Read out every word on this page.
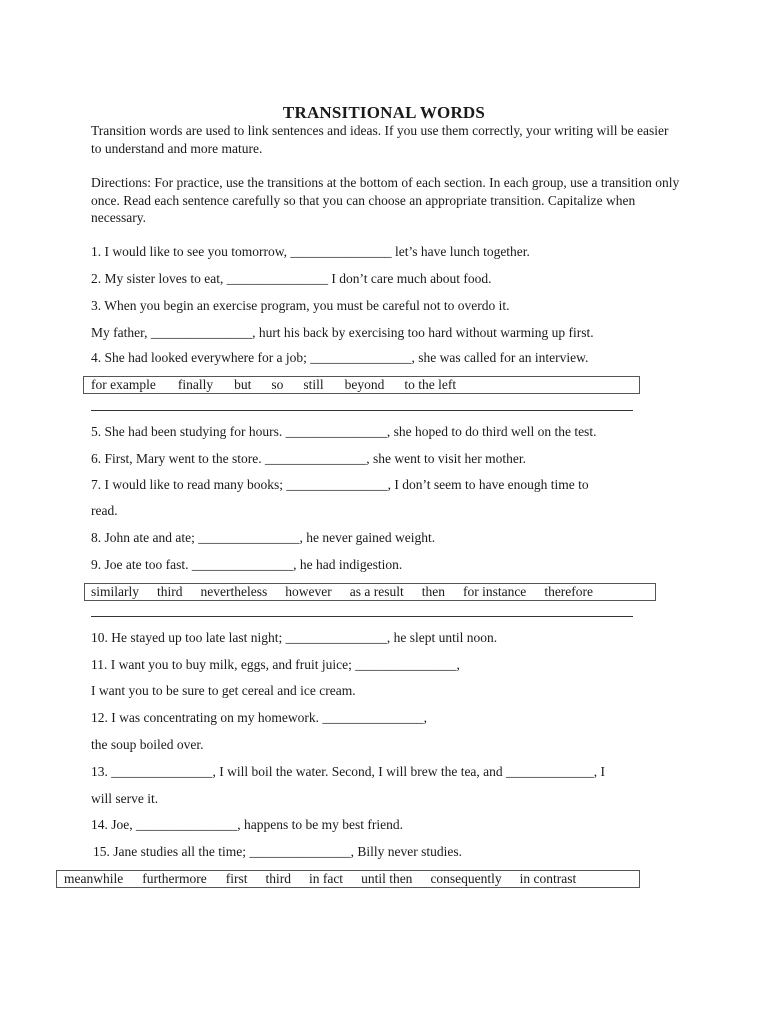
TRANSITIONAL WORDS
Transition words are used to link sentences and ideas. If you use them correctly, your writing will be easier to understand and more mature.
Directions: For practice, use the transitions at the bottom of each section. In each group, use a transition only once. Read each sentence carefully so that you can choose an appropriate transition. Capitalize when necessary.
1. I would like to see you tomorrow, _______________ let’s have lunch together.
2. My sister loves to eat, _______________ I don’t care much about food.
3. When you begin an exercise program, you must be careful not to overdo it.
My father, _______________, hurt his back by exercising too hard without warming up first.
4. She had looked everywhere for a job; _______________, she was called for an interview.
for example finally but so still beyond to the left
5. She had been studying for hours. _______________, she hoped to do third well on the test.
6. First, Mary went to the store. _______________, she went to visit her mother.
7. I would like to read many books; _______________, I don’t seem to have enough time to
read.
8. John ate and ate; _______________, he never gained weight.
9. Joe ate too fast. _______________, he had indigestion.
similarly third nevertheless however as a result then for instance therefore
10. He stayed up too late last night; _______________, he slept until noon.
11. I want you to buy milk, eggs, and fruit juice; _______________,
I want you to be sure to get cereal and ice cream.
12. I was concentrating on my homework. _______________,
the soup boiled over.
13. _______________, I will boil the water. Second, I will brew the tea, and _____________, I
will serve it.
14. Joe, _______________, happens to be my best friend.
15. Jane studies all the time; _______________, Billy never studies.
meanwhile furthermore first third in fact until then consequently in contrast
